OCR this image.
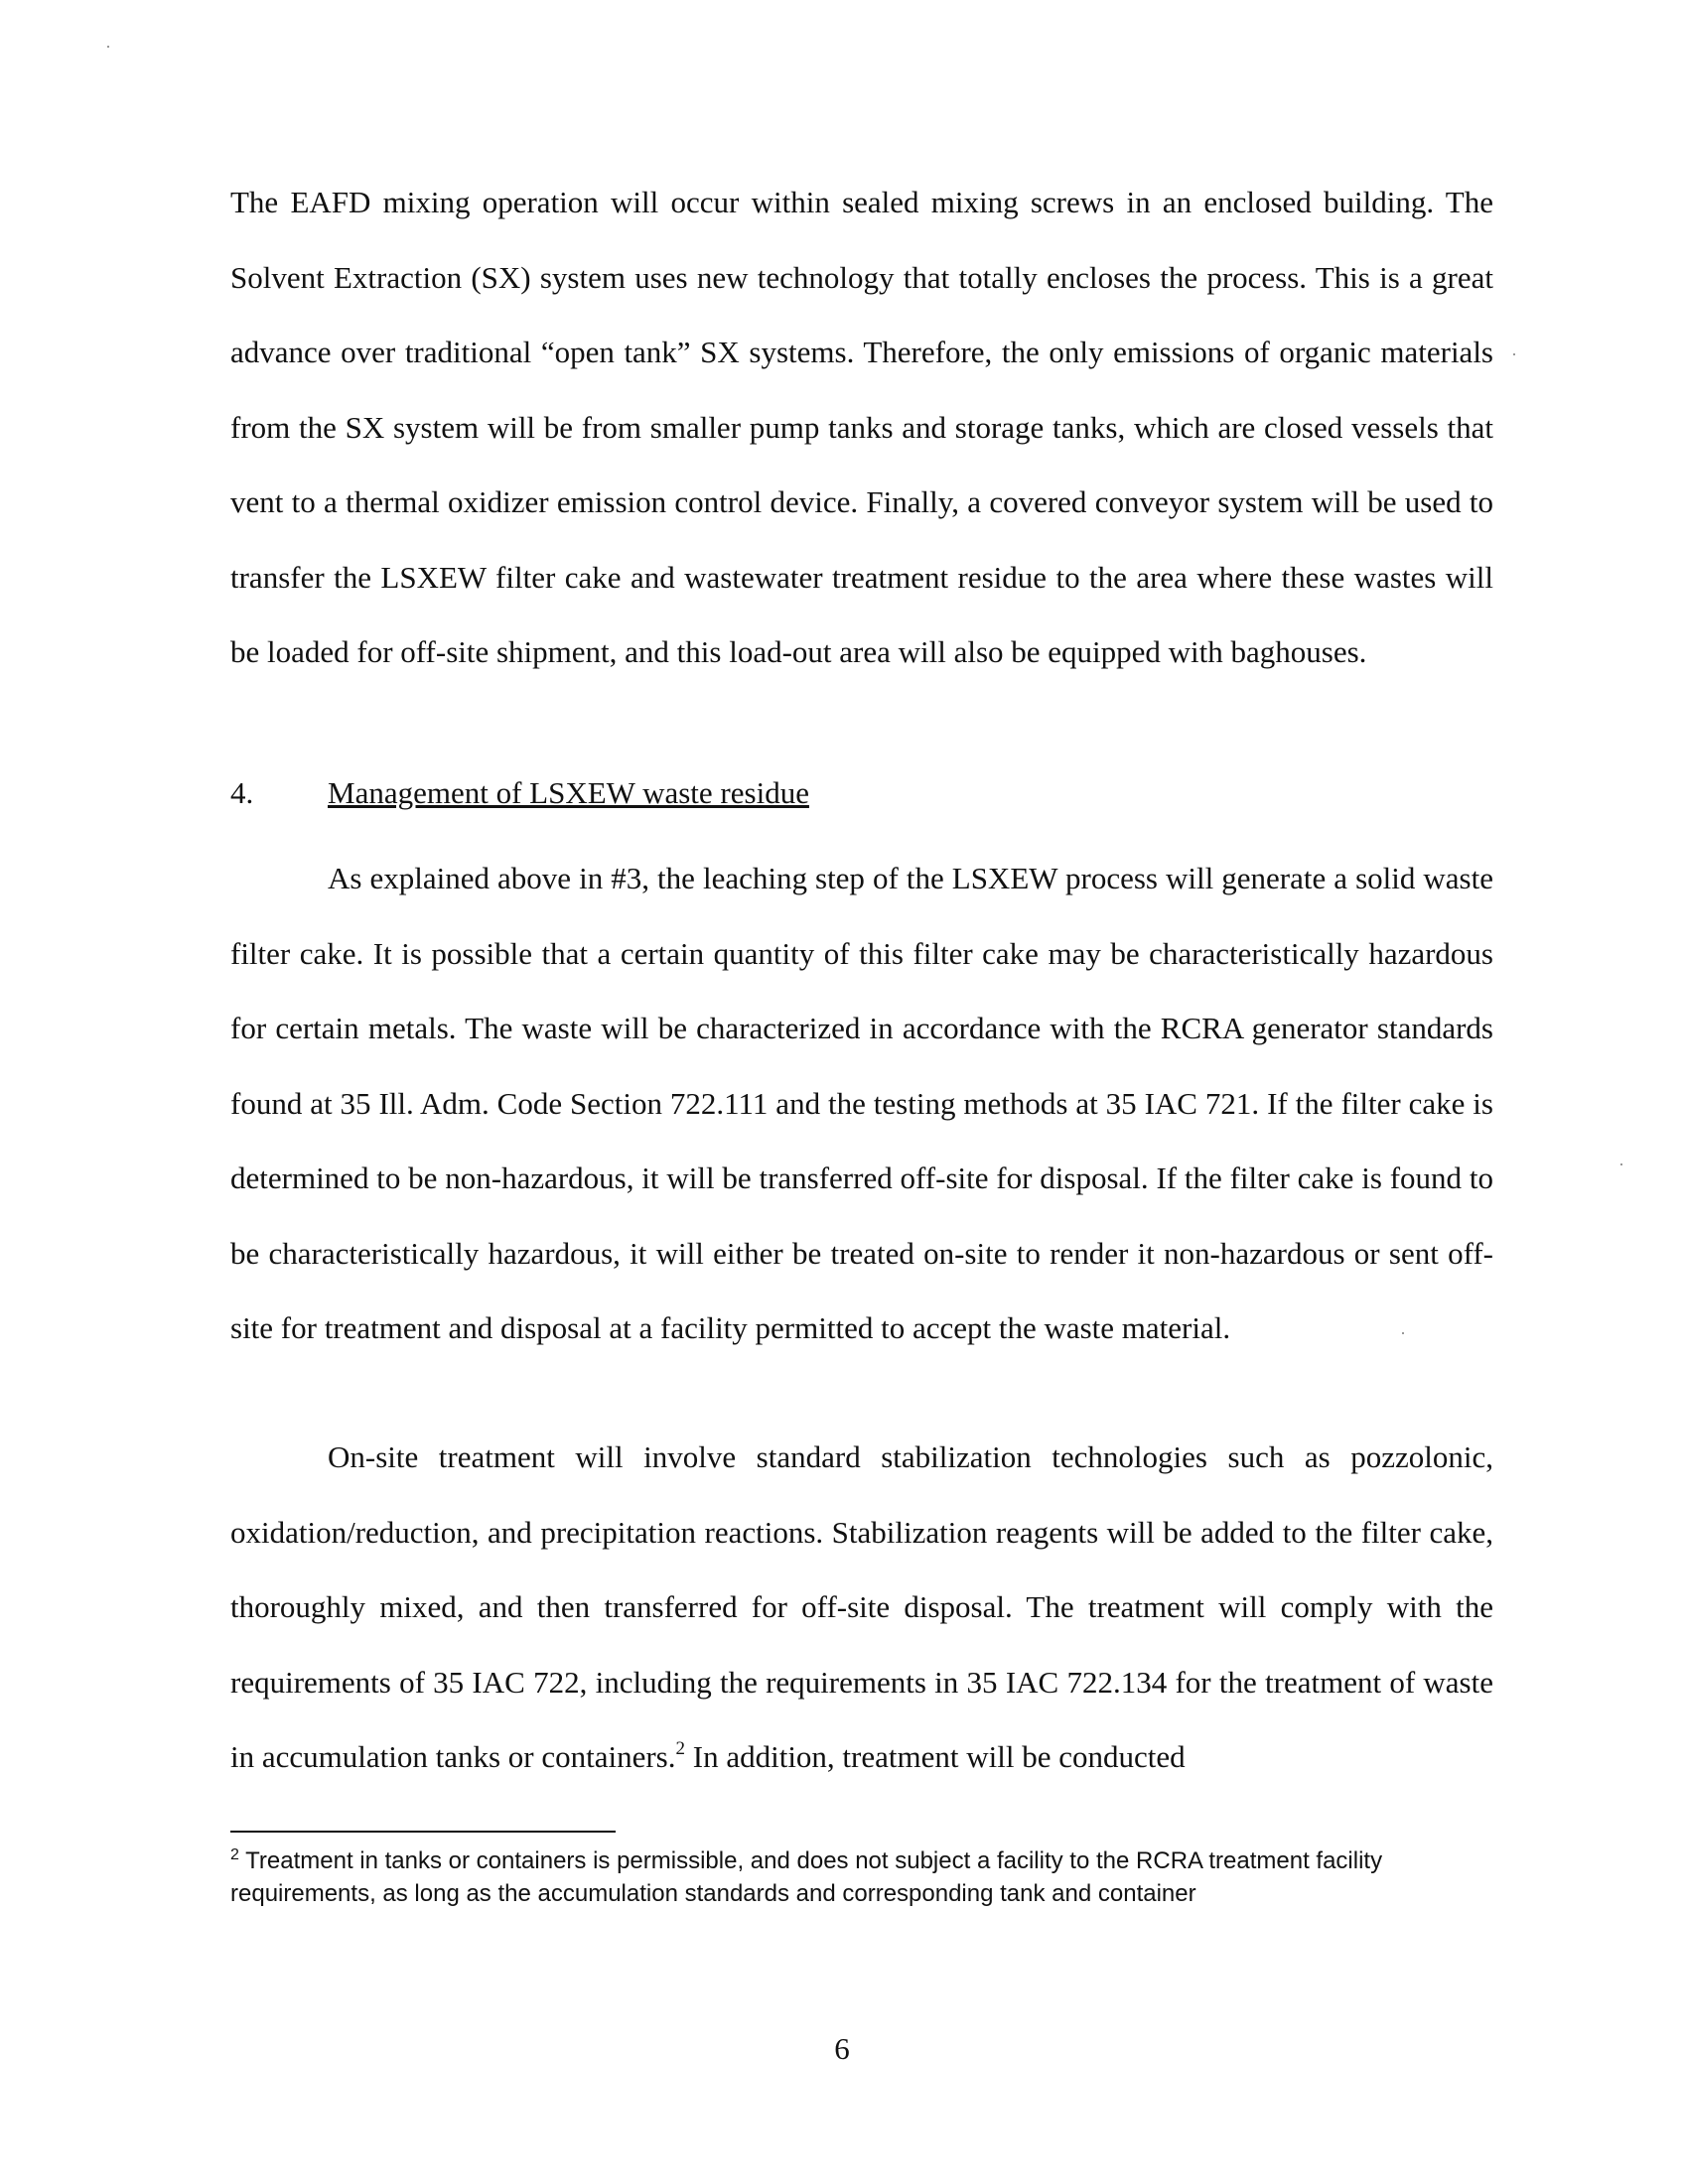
The EAFD mixing operation will occur within sealed mixing screws in an enclosed building. The Solvent Extraction (SX) system uses new technology that totally encloses the process. This is a great advance over traditional “open tank” SX systems. Therefore, the only emissions of organic materials from the SX system will be from smaller pump tanks and storage tanks, which are closed vessels that vent to a thermal oxidizer emission control device. Finally, a covered conveyor system will be used to transfer the LSXEW filter cake and wastewater treatment residue to the area where these wastes will be loaded for off-site shipment, and this load-out area will also be equipped with baghouses.

4. Management of LSXEW waste residue

As explained above in #3, the leaching step of the LSXEW process will generate a solid waste filter cake. It is possible that a certain quantity of this filter cake may be characteristically hazardous for certain metals. The waste will be characterized in accordance with the RCRA generator standards found at 35 Ill. Adm. Code Section 722.111 and the testing methods at 35 IAC 721. If the filter cake is determined to be non-hazardous, it will be transferred off-site for disposal. If the filter cake is found to be characteristically hazardous, it will either be treated on-site to render it non-hazardous or sent off-site for treatment and disposal at a facility permitted to accept the waste material.

On-site treatment will involve standard stabilization technologies such as pozzolonic, oxidation/reduction, and precipitation reactions. Stabilization reagents will be added to the filter cake, thoroughly mixed, and then transferred for off-site disposal. The treatment will comply with the requirements of 35 IAC 722, including the requirements in 35 IAC 722.134 for the treatment of waste in accumulation tanks or containers.$^2$ In addition, treatment will be conducted

$^2$ Treatment in tanks or containers is permissible, and does not subject a facility to the RCRA treatment facility requirements, as long as the accumulation standards and corresponding tank and container

6
